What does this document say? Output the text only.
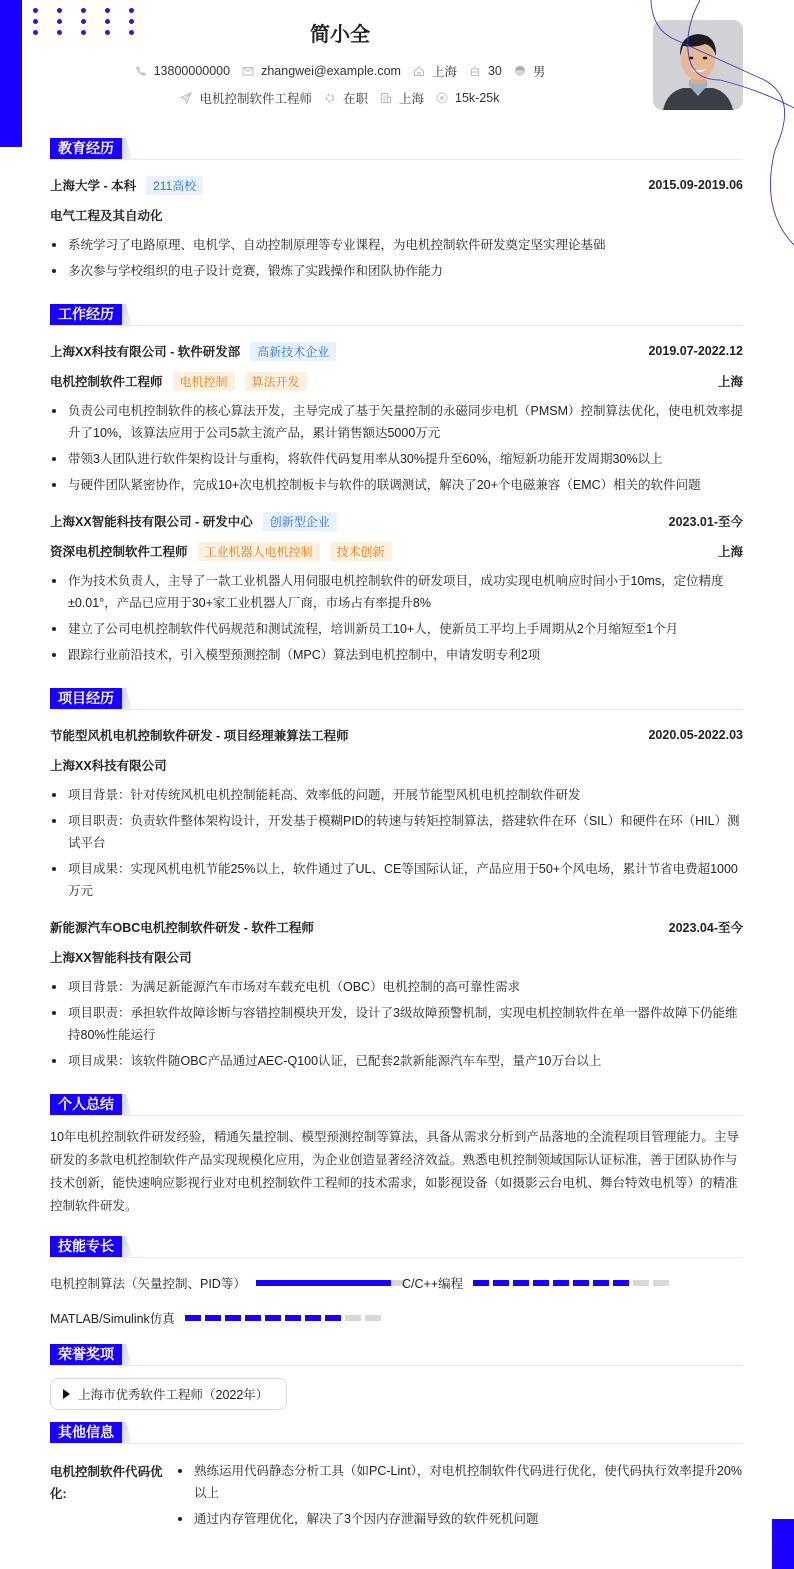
简小全
13800000000 zhangwei@example.com 上海 30 男
电机控制软件工程师 在职 上海 15k-25k
教育经历
上海大学 - 本科	211高校	2015.09-2019.06
电气工程及其自动化
系统学习了电路原理、电机学、自动控制原理等专业课程，为电机控制软件研发奠定坚实理论基础
多次参与学校组织的电子设计竞赛，锻炼了实践操作和团队协作能力
工作经历
上海XX科技有限公司 - 软件研发部	高新技术企业	2019.07-2022.12
电机控制软件工程师	电机控制	算法开发	上海
负责公司电机控制软件的核心算法开发，主导完成了基于矢量控制的永磁同步电机（PMSM）控制算法优化，使电机效率提升了10%，该算法应用于公司5款主流产品，累计销售额达5000万元
带领3人团队进行软件架构设计与重构，将软件代码复用率从30%提升至60%，缩短新功能开发周期30%以上
与硬件团队紧密协作，完成10+次电机控制板卡与软件的联调测试，解决了20+个电磁兼容（EMC）相关的软件问题
上海XX智能科技有限公司 - 研发中心	创新型企业	2023.01-至今
资深电机控制软件工程师	工业机器人电机控制	技术创新	上海
作为技术负责人，主导了一款工业机器人用伺服电机控制软件的研发项目，成功实现电机响应时间小于10ms，定位精度±0.01°，产品已应用于30+家工业机器人厂商，市场占有率提升8%
建立了公司电机控制软件代码规范和测试流程，培训新员工10+人，使新员工平均上手周期从2个月缩短至1个月
跟踪行业前沿技术，引入模型预测控制（MPC）算法到电机控制中，申请发明专利2项
项目经历
节能型风机电机控制软件研发 - 项目经理兼算法工程师	2020.05-2022.03
上海XX科技有限公司
项目背景：针对传统风机电机控制能耗高、效率低的问题，开展节能型风机电机控制软件研发
项目职责：负责软件整体架构设计，开发基于模糊PID的转速与转矩控制算法，搭建软件在环（SIL）和硬件在环（HIL）测试平台
项目成果：实现风机电机节能25%以上，软件通过了UL、CE等国际认证，产品应用于50+个风电场，累计节省电费超1000万元
新能源汽车OBC电机控制软件研发 - 软件工程师	2023.04-至今
上海XX智能科技有限公司
项目背景：为满足新能源汽车市场对车载充电机（OBC）电机控制的高可靠性需求
项目职责：承担软件故障诊断与容错控制模块开发，设计了3级故障预警机制，实现电机控制软件在单一器件故障下仍能维持80%性能运行
项目成果：该软件随OBC产品通过AEC-Q100认证，已配套2款新能源汽车车型，量产10万台以上
个人总结

10年电机控制软件研发经验，精通矢量控制、模型预测控制等算法，具备从需求分析到产品落地的全流程项目管理能力。主导研发的多款电机控制软件产品实现规模化应用，为企业创造显著经济效益。熟悉电机控制领域国际认证标准，善于团队协作与技术创新，能快速响应影视行业对电机控制软件工程师的技术需求，如影视设备（如摄影云台电机、舞台特效电机等）的精准控制软件研发。

技能专长
电机控制算法（矢量控制、PID等）	C/C++编程
MATLAB/Simulink仿真
荣誉奖项
上海市优秀软件工程师（2022年）
其他信息
电机控制软件代码优化:
熟练运用代码静态分析工具（如PC-Lint），对电机控制软件代码进行优化，使代码执行效率提升20%以上
通过内存管理优化，解决了3个因内存泄漏导致的软件死机问题
